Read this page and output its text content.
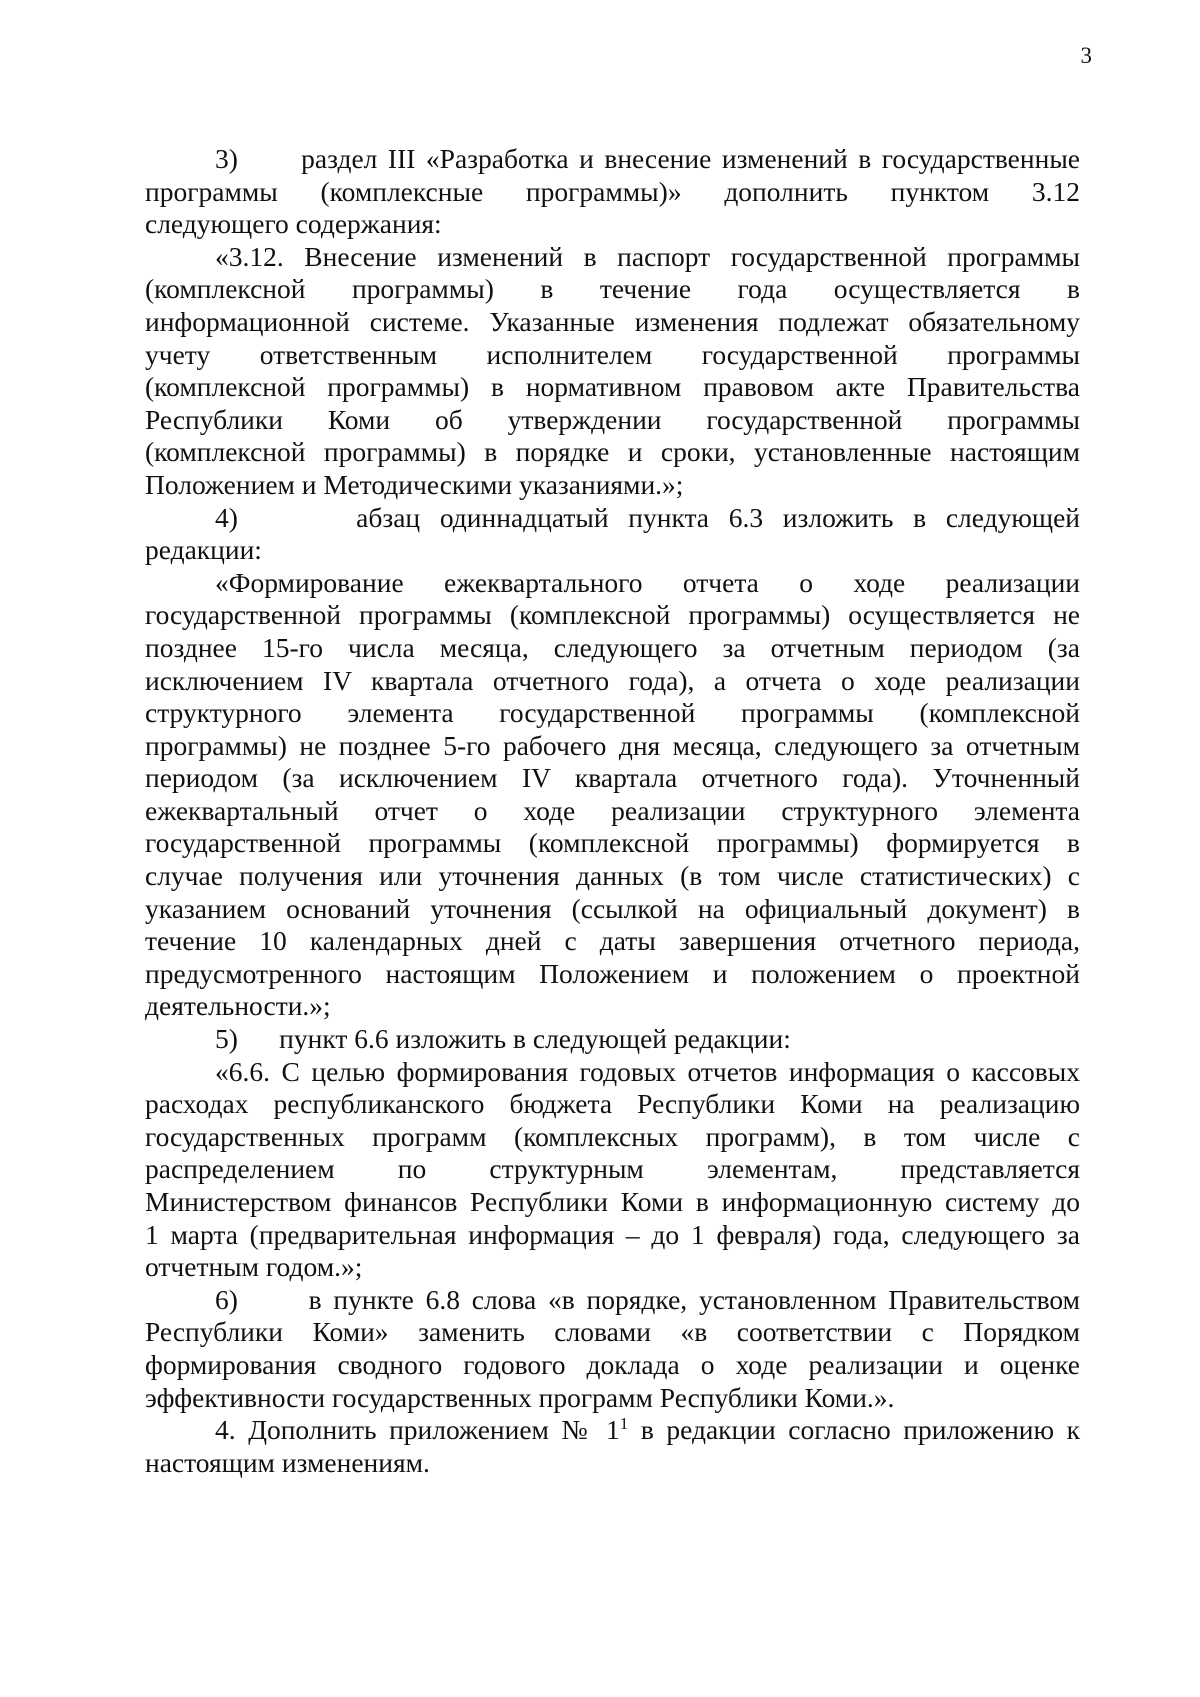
3
3)      раздел III «Разработка и внесение изменений в государственные
программы (комплексные программы)» дополнить пунктом 3.12
следующего содержания:
«3.12. Внесение изменений в паспорт государственной программы
(комплексной программы) в течение года осуществляется в
информационной системе. Указанные изменения подлежат обязательному
учету ответственным исполнителем государственной программы
(комплексной программы) в нормативном правовом акте Правительства
Республики Коми об утверждении государственной программы
(комплексной программы) в порядке и сроки, установленные настоящим
Положением и Методическими указаниями.»;
4)      абзац одиннадцатый пункта 6.3 изложить в следующей
редакции:
«Формирование ежеквартального отчета о ходе реализации
государственной программы (комплексной программы) осуществляется не
позднее 15-го числа месяца, следующего за отчетным периодом (за
исключением IV квартала отчетного года), а отчета о ходе реализации
структурного элемента государственной программы (комплексной
программы) не позднее 5-го рабочего дня месяца, следующего за отчетным
периодом (за исключением IV квартала отчетного года). Уточненный
ежеквартальный отчет о ходе реализации структурного элемента
государственной программы (комплексной программы) формируется в
случае получения или уточнения данных (в том числе статистических) с
указанием оснований уточнения (ссылкой на официальный документ) в
течение 10 календарных дней с даты завершения отчетного периода,
предусмотренного настоящим Положением и положением о проектной
деятельности.»;
5)      пункт 6.6 изложить в следующей редакции:
«6.6. С целью формирования годовых отчетов информация о кассовых
расходах республиканского бюджета Республики Коми на реализацию
государственных программ (комплексных программ), в том числе с
распределением по структурным элементам, представляется
Министерством финансов Республики Коми в информационную систему до
1 марта (предварительная информация – до 1 февраля) года, следующего за
отчетным годом.»;
6)      в пункте 6.8 слова «в порядке, установленном Правительством
Республики Коми» заменить словами «в соответствии с Порядком
формирования сводного годового доклада о ходе реализации и оценке
эффективности государственных программ Республики Коми.».
4. Дополнить приложением № $1^1$ в редакции согласно приложению к
настоящим изменениям.
